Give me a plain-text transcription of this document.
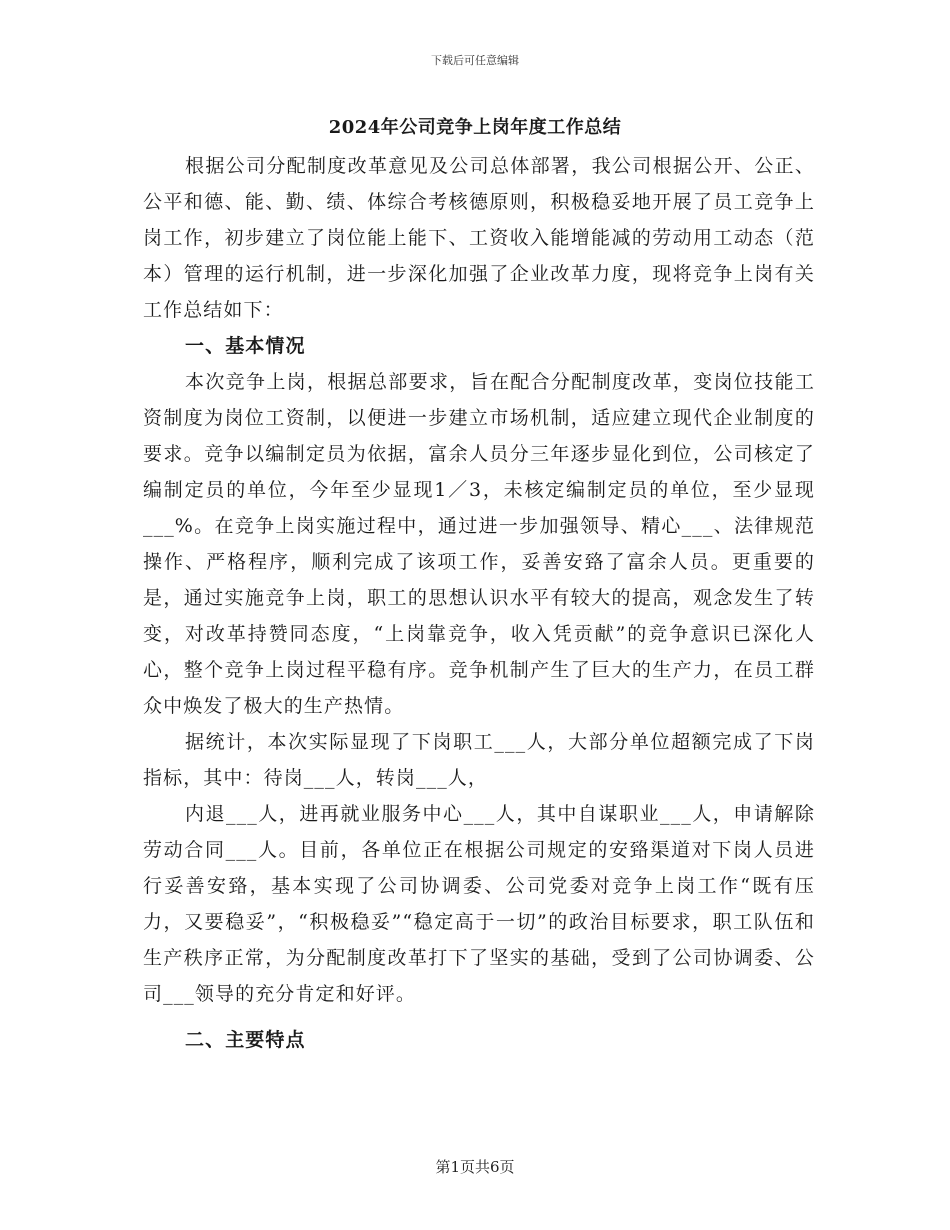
下载后可任意编辑
2024年公司竞争上岗年度工作总结

根据公司分配制度改革意见及公司总体部署，我公司根据公开、公正、公平和德、能、勤、绩、体综合考核德原则，积极稳妥地开展了员工竞争上岗工作，初步建立了岗位能上能下、工资收入能增能减的劳动用工动态（范本）管理的运行机制，进一步深化加强了企业改革力度，现将竞争上岗有关工作总结如下：

一、基本情况

本次竞争上岗，根据总部要求，旨在配合分配制度改革，变岗位技能工资制度为岗位工资制，以便进一步建立市场机制，适应建立现代企业制度的要求。竞争以编制定员为依据，富余人员分三年逐步显化到位，公司核定了编制定员的单位，今年至少显现1／3，未核定编制定员的单位，至少显现___%。在竞争上岗实施过程中，通过进一步加强领导、精心___、法律规范操作、严格程序，顺利完成了该项工作，妥善安臵了富余人员。更重要的是，通过实施竞争上岗，职工的思想认识水平有较大的提高，观念发生了转变，对改革持赞同态度，“上岗靠竞争，收入凭贡献”的竞争意识已深化人心，整个竞争上岗过程平稳有序。竞争机制产生了巨大的生产力，在员工群众中焕发了极大的生产热情。

据统计，本次实际显现了下岗职工___人，大部分单位超额完成了下岗指标，其中：待岗___人，转岗___人，

内退___人，进再就业服务中心___人，其中自谋职业___人，申请解除劳动合同___人。目前，各单位正在根据公司规定的安臵渠道对下岗人员进行妥善安臵，基本实现了公司协调委、公司党委对竞争上岗工作“既有压力，又要稳妥”，“积极稳妥”“稳定高于一切”的政治目标要求，职工队伍和生产秩序正常，为分配制度改革打下了坚实的基础，受到了公司协调委、公司___领导的充分肯定和好评。

二、主要特点

第1页共6页
